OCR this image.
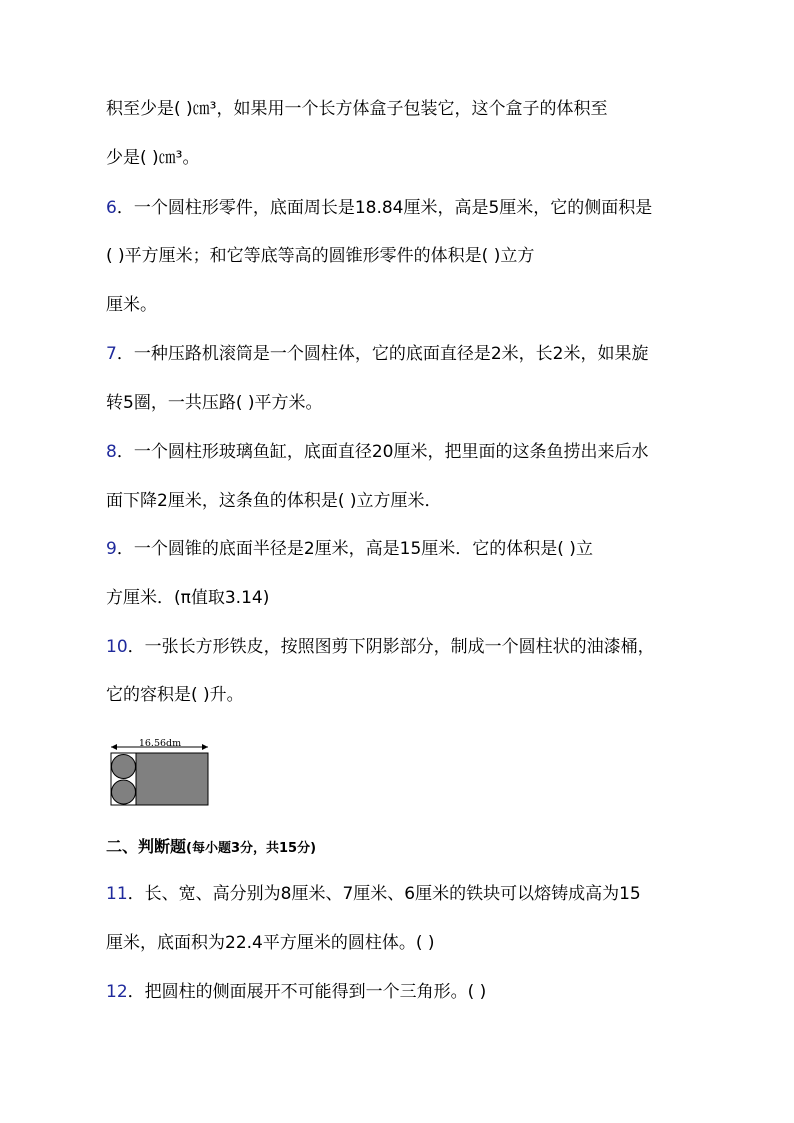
积至少是( )㎝³，如果用一个长方体盒子包装它，这个盒子的体积至
少是( )㎝³。
6．一个圆柱形零件，底面周长是18.84厘米，高是5厘米，它的侧面积是
( )平方厘米；和它等底等高的圆锥形零件的体积是( )立方
厘米。
7．一种压路机滚筒是一个圆柱体，它的底面直径是2米，长2米，如果旋
转5圈，一共压路( )平方米。
8．一个圆柱形玻璃鱼缸，底面直径20厘米，把里面的这条鱼捞出来后水
面下降2厘米，这条鱼的体积是( )立方厘米．
9．一个圆锥的底面半径是2厘米，高是15厘米．它的体积是( )立
方厘米．(π值取3.14)
10．一张长方形铁皮，按照图剪下阴影部分，制成一个圆柱状的油漆桶，
它的容积是( )升。
16.56dm
二、判断题(每小题3分，共15分)
11．长、宽、高分别为8厘米、7厘米、6厘米的铁块可以熔铸成高为15
厘米，底面积为22.4平方厘米的圆柱体。( )
12．把圆柱的侧面展开不可能得到一个三角形。( )
